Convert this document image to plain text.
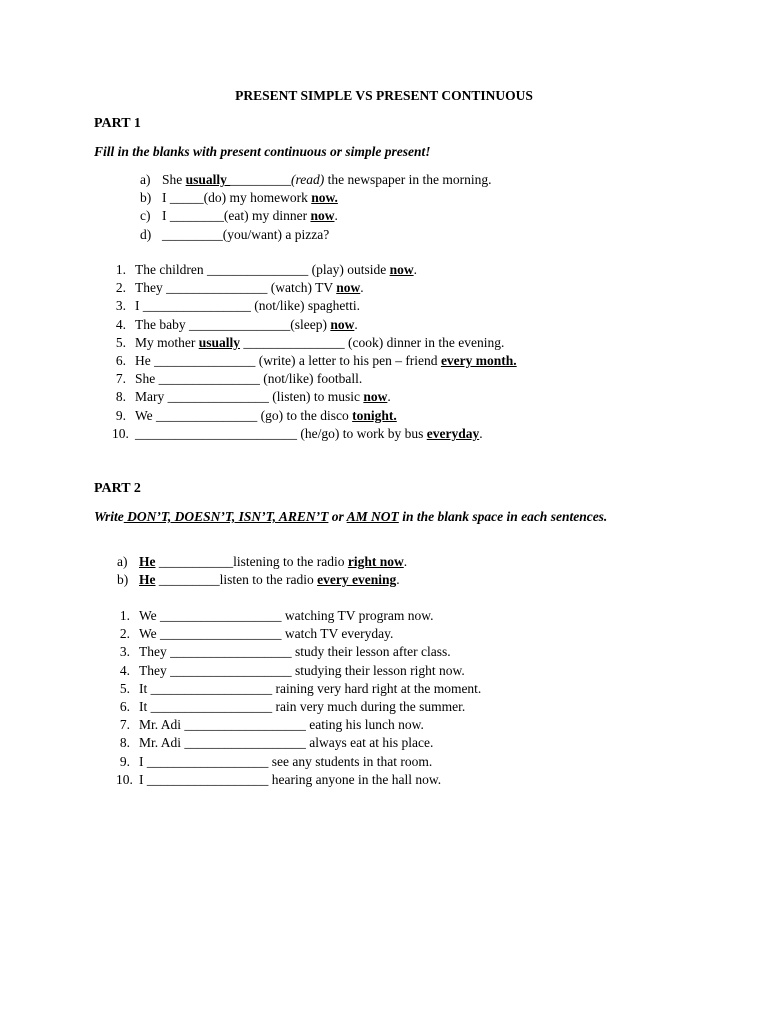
PRESENT SIMPLE VS PRESENT CONTINUOUS
PART 1
Fill in the blanks with present continuous or simple present!
a) She usually _________(read) the newspaper in the morning.
b) I _____(do) my homework now.
c) I ________(eat) my dinner now.
d) _________(you/want) a pizza?
1. The children _______________ (play) outside now.
2. They _______________ (watch) TV now.
3. I ________________ (not/like) spaghetti.
4. The baby _______________(sleep) now.
5. My mother usually _______________ (cook) dinner in the evening.
6. He _______________ (write) a letter to his pen – friend every month.
7. She _______________ (not/like) football.
8. Mary _______________ (listen) to music now.
9. We _______________ (go) to the disco tonight.
10. ________________________ (he/go) to work by bus everyday.
PART 2
Write DON’T, DOESN’T, ISN’T, AREN’T or AM NOT in the blank space in each sentences.
a) He ___________listening to the radio right now.
b) He _________listen to the radio every evening.
1. We __________________ watching TV program now.
2. We __________________ watch TV everyday.
3. They __________________ study their lesson after class.
4. They __________________ studying their lesson right now.
5. It __________________ raining very hard right at the moment.
6. It __________________ rain very much during the summer.
7. Mr. Adi __________________ eating his lunch now.
8. Mr. Adi __________________ always eat at his place.
9. I __________________ see any students in that room.
10. I __________________ hearing anyone in the hall now.
